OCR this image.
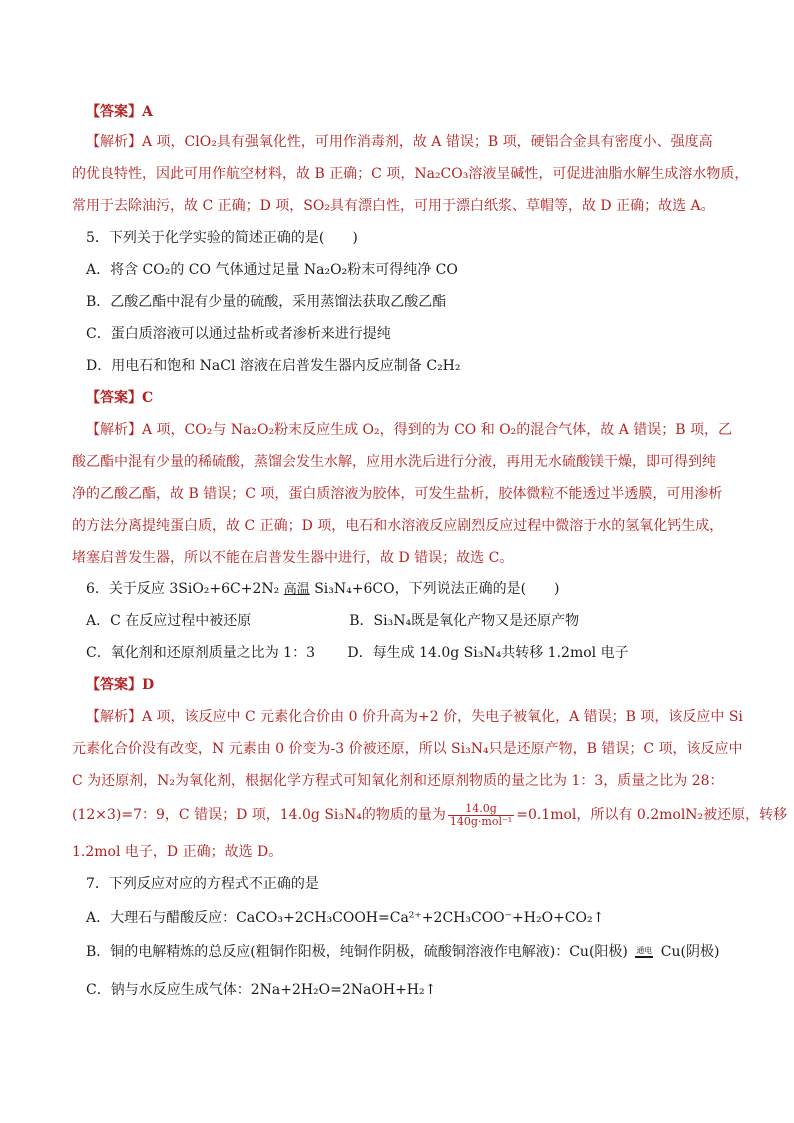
【答案】A
【解析】A 项，ClO₂具有强氧化性，可用作消毒剂，故 A 错误；B 项，硬铝合金具有密度小、强度高
的优良特性，因此可用作航空材料，故 B 正确；C 项，Na₂CO₃溶液呈碱性，可促进油脂水解生成溶水物质，
常用于去除油污，故 C 正确；D 项，SO₂具有漂白性，可用于漂白纸浆、草帽等，故 D 正确；故选 A。
5．下列关于化学实验的简述正确的是(　　)
A．将含 CO₂的 CO 气体通过足量 Na₂O₂粉末可得纯净 CO
B．乙酸乙酯中混有少量的硫酸，采用蒸馏法获取乙酸乙酯
C．蛋白质溶液可以通过盐析或者渗析来进行提纯
D．用电石和饱和 NaCl 溶液在启普发生器内反应制备 C₂H₂
【答案】C
【解析】A 项，CO₂与 Na₂O₂粉末反应生成 O₂，得到的为 CO 和 O₂的混合气体，故 A 错误；B 项，乙
酸乙酯中混有少量的稀硫酸，蒸馏会发生水解，应用水洗后进行分液，再用无水硫酸镁干燥，即可得到纯
净的乙酸乙酯，故 B 错误；C 项，蛋白质溶液为胶体，可发生盐析，胶体微粒不能透过半透膜，可用渗析
的方法分离提纯蛋白质，故 C 正确；D 项，电石和水溶液反应剧烈反应过程中微溶于水的氢氧化钙生成，
堵塞启普发生器，所以不能在启普发生器中进行，故 D 错误；故选 C。
6．关于反应 3SiO₂+6C+2N₂ 高温 Si₃N₄+6CO，下列说法正确的是(　　)
A．C 在反应过程中被还原　　　　　　　B．Si₃N₄既是氧化产物又是还原产物
C．氧化剂和还原剂质量之比为 1：3　　 D．每生成 14.0g Si₃N₄共转移 1.2mol 电子
【答案】D
【解析】A 项，该反应中 C 元素化合价由 0 价升高为+2 价，失电子被氧化，A 错误；B 项，该反应中 Si
元素化合价没有改变，N 元素由 0 价变为-3 价被还原，所以 Si₃N₄只是还原产物，B 错误；C 项，该反应中
C 为还原剂，N₂为氧化剂，根据化学方程式可知氧化剂和还原剂物质的量之比为 1：3，质量之比为 28：
(12×3)=7：9，C 错误；D 项，14.0g Si₃N₄的物质的量为 $\frac{14.0g}{\text{140g·mol⁻¹}} =0.1mol$，所以有 0.2molN₂被还原，转移
1.2mol 电子，D 正确；故选 D。
7．下列反应对应的方程式不正确的是
A．大理石与醋酸反应：CaCO₃+2CH₃COOH=Ca²⁺+2CH₃COO⁻+H₂O+CO₂↑
B．铜的电解精炼的总反应(粗铜作阳极，纯铜作阴极，硫酸铜溶液作电解液)：Cu(阳极) 通电 Cu(阴极)
C．钠与水反应生成气体：2Na+2H₂O=2NaOH+H₂↑
